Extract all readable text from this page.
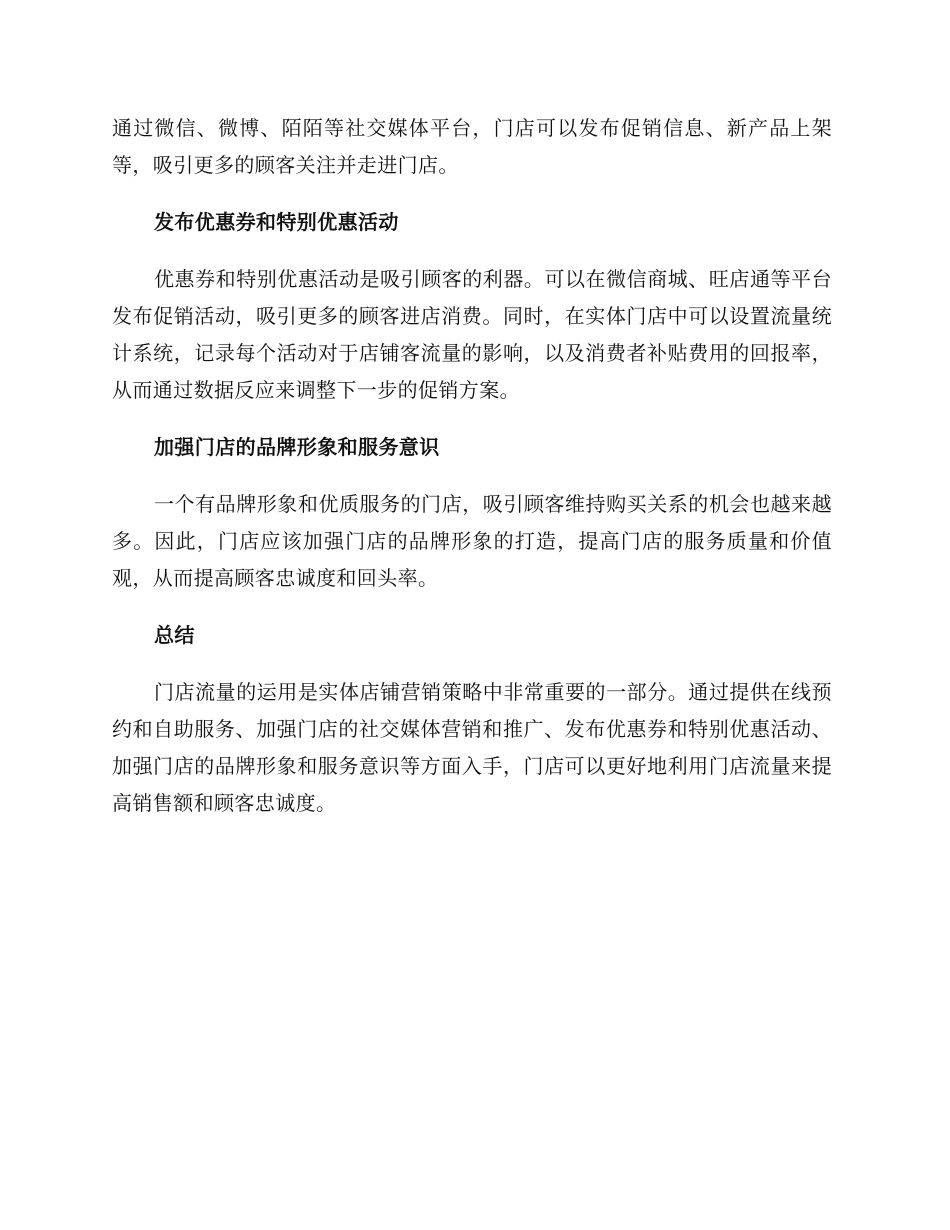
通过微信、微博、陌陌等社交媒体平台，门店可以发布促销信息、新产品上架等，吸引更多的顾客关注并走进门店。

发布优惠券和特别优惠活动

优惠券和特别优惠活动是吸引顾客的利器。可以在微信商城、旺店通等平台发布促销活动，吸引更多的顾客进店消费。同时，在实体门店中可以设置流量统计系统，记录每个活动对于店铺客流量的影响，以及消费者补贴费用的回报率，从而通过数据反应来调整下一步的促销方案。

加强门店的品牌形象和服务意识

一个有品牌形象和优质服务的门店，吸引顾客维持购买关系的机会也越来越多。因此，门店应该加强门店的品牌形象的打造，提高门店的服务质量和价值观，从而提高顾客忠诚度和回头率。

总结

门店流量的运用是实体店铺营销策略中非常重要的一部分。通过提供在线预约和自助服务、加强门店的社交媒体营销和推广、发布优惠券和特别优惠活动、加强门店的品牌形象和服务意识等方面入手，门店可以更好地利用门店流量来提高销售额和顾客忠诚度。
